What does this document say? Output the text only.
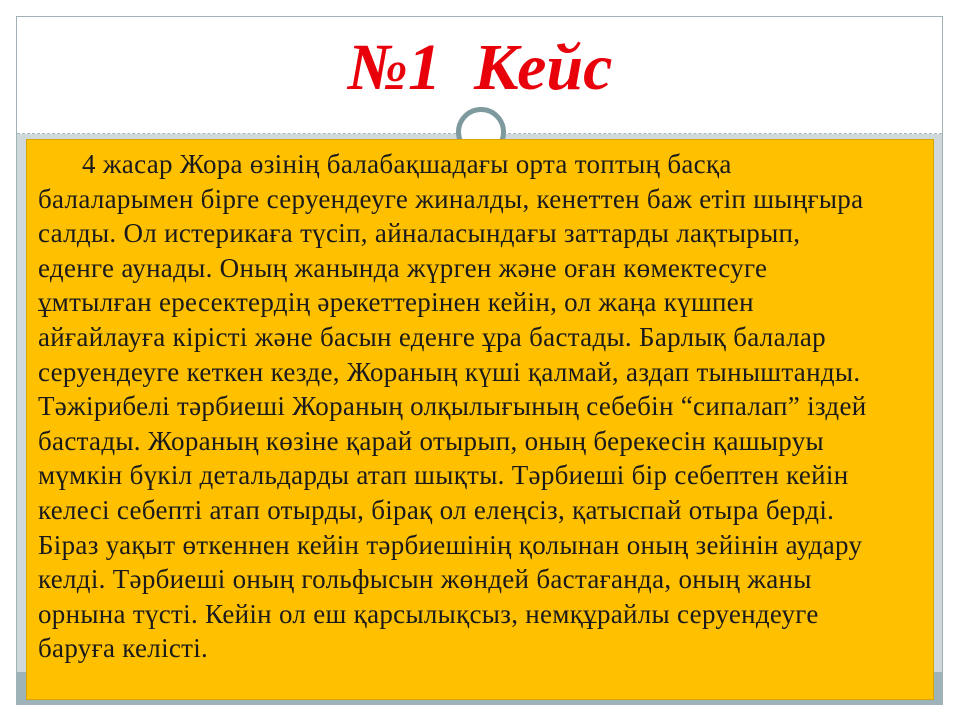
№1  Кейс
4 жасар Жора өзінің балабақшадағы орта топтың басқа
балаларымен бірге серуендеуге жиналды, кенеттен баж етіп шыңғыра
салды. Ол истерикаға түсіп, айналасындағы заттарды лақтырып,
еденге аунады. Оның жанында жүрген және оған көмектесуге
ұмтылған ересектердің әрекеттерінен кейін, ол жаңа күшпен
айғайлауға кірісті және басын еденге ұра бастады. Барлық балалар
серуендеуге кеткен кезде, Жораның күші қалмай, аздап тыныштанды.
Тәжірибелі тәрбиеші Жораның олқылығының себебін “сипалап” іздей
бастады. Жораның көзіне қарай отырып, оның берекесін қашыруы
мүмкін бүкіл детальдарды атап шықты. Тәрбиеші бір себептен кейін
келесі себепті атап отырды, бірақ ол елеңсіз, қатыспай отыра берді.
Біраз уақыт өткеннен кейін тәрбиешінің қолынан оның зейінін аудару
келді. Тәрбиеші оның гольфысын жөндей бастағанда, оның жаны
орнына түсті. Кейін ол еш қарсылықсыз, немқұрайлы серуендеуге
баруға келісті.
